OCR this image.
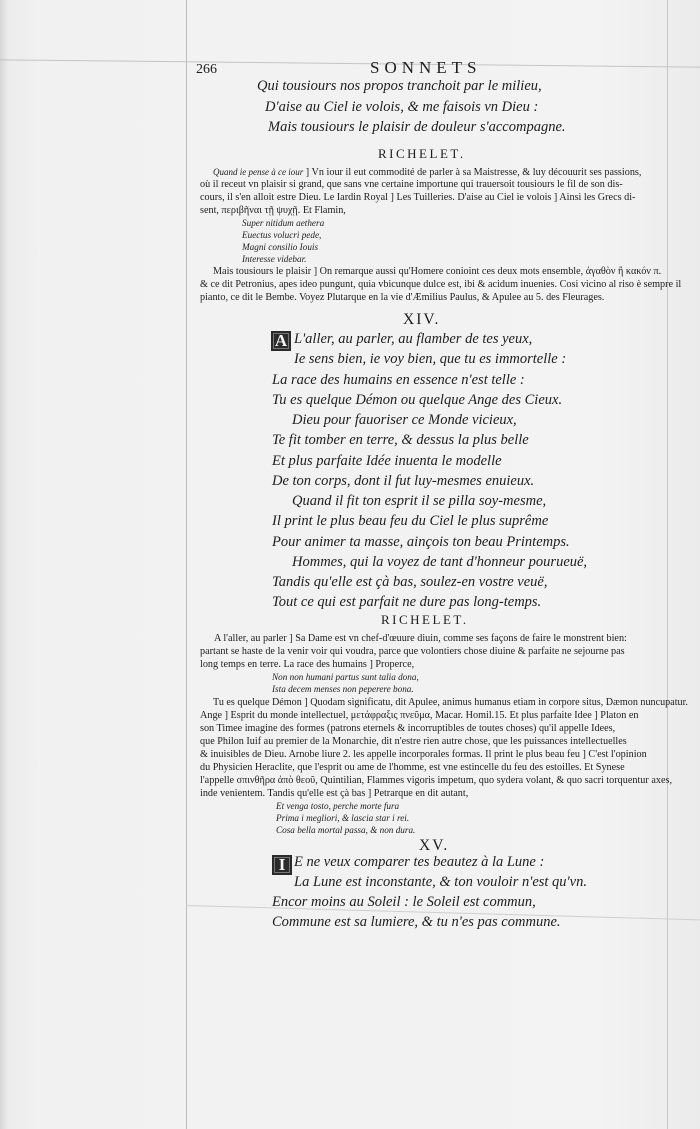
266	SONNETS
Qui tousiours nos propos tranchoit par le milieu,
D'aise au Ciel ie volois, & me faisois vn Dieu :
Mais tousiours le plaisir de douleur s'accompagne.
RICHELET.
Quand ie pense à ce iour ] Vn iour il eut commodité de parler à sa Maistresse, & luy découurit ses passions,
où il receut vn plaisir si grand, que sans vne certaine importune qui trauersoit tousiours le fil de son dis-
cours, il s'en alloit estre Dieu. Le Iardin Royal ] Les Tuilleries. D'aise au Ciel ie volois ] Ainsi les Grecs di-
sent, περιβῆναι τῇ ψυχῇ. Et Flamin,
Super nitidum aethera
Euectus volucri pede,
Magni consilio Iouis
Interesse videbar.
Mais tousiours le plaisir ] On remarque aussi qu'Homere conioint ces deux mots ensemble, ἀγαθὸν ἢ κακόν π.
& ce dit Petronius, apes ideo pungunt, quia vbicunque dulce est, ibi & acidum inuenies. Cosi vicino al riso è sempre il
pianto, ce dit le Bembe. Voyez Plutarque en la vie d'Æmilius Paulus, & Apulee au 5. des Fleurages.
XIV.
A L'aller, au parler, au flamber de tes yeux,
Ie sens bien, ie voy bien, que tu es immortelle :
La race des humains en essence n'est telle :
Tu es quelque Démon ou quelque Ange des Cieux.
Dieu pour fauoriser ce Monde vicieux,
Te fit tomber en terre, & dessus la plus belle
Et plus parfaite Idée inuenta le modelle
De ton corps, dont il fut luy-mesmes enuieux.
Quand il fit ton esprit il se pilla soy-mesme,
Il print le plus beau feu du Ciel le plus suprême
Pour animer ta masse, ainçois ton beau Printemps.
Hommes, qui la voyez de tant d'honneur pourueuë,
Tandis qu'elle est çà bas, soulez-en vostre veuë,
Tout ce qui est parfait ne dure pas long-temps.
RICHELET.
A l'aller, au parler ] Sa Dame est vn chef-d'œuure diuin, comme ses façons de faire le monstrent bien:
partant se haste de la venir voir qui voudra, parce que volontiers chose diuine & parfaite ne sejourne pas
long temps en terre. La race des humains ] Properce,
Non non humani partus sunt talia dona,
Ista decem menses non peperere bona.
Tu es quelque Démon ] Quodam significatu, dit Apulee, animus humanus etiam in corpore situs, Dæmon nuncupatur.
Ange ] Esprit du monde intellectuel, μετάφραξις πνεῦμα, Macar. Homil.15. Et plus parfaite Idee ] Platon en
son Timee imagine des formes (patrons eternels & incorruptibles de toutes choses) qu'il appelle Idees,
que Philon Iuif au premier de la Monarchie, dit n'estre rien autre chose, que les puissances intellectuelles
& inuisibles de Dieu. Arnobe liure 2. les appelle incorporales formas. Il print le plus beau feu ] C'est l'opinion
du Physicien Heraclite, que l'esprit ou ame de l'homme, est vne estincelle du feu des estoilles. Et Synese
l'appelle σπινθῆρα ἀπὸ θεοῦ, Quintilian, Flammes vigoris impetum, quo sydera volant, & quo sacri torquentur axes,
inde venientem. Tandis qu'elle est çà bas ] Petrarque en dit autant,
Et venga tosto, perche morte fura
Prima i megliori, & lascia star i rei.
Cosa bella mortal passa, & non dura.
XV.
I E ne veux comparer tes beautez à la Lune :
La Lune est inconstante, & ton vouloir n'est qu'vn.
Encor moins au Soleil : le Soleil est commun,
Commune est sa lumiere, & tu n'es pas commune.
